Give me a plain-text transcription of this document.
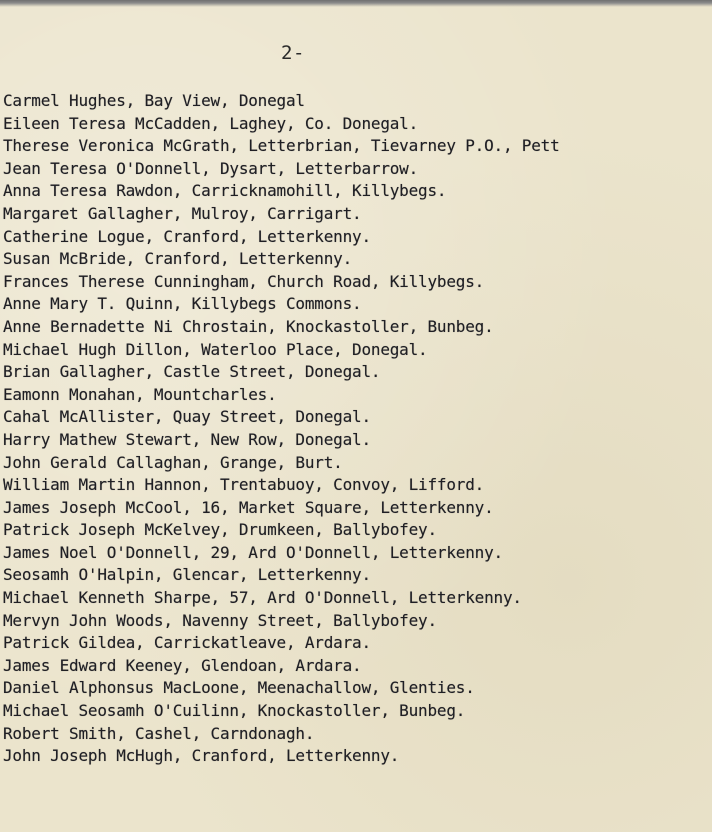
2-
Carmel Hughes, Bay View, Donegal
Eileen Teresa McCadden, Laghey, Co. Donegal.
Therese Veronica McGrath, Letterbrian, Tievarney P.O., Pett
Jean Teresa O'Donnell, Dysart, Letterbarrow.
Anna Teresa Rawdon, Carricknamohill, Killybegs.
Margaret Gallagher, Mulroy, Carrigart.
Catherine Logue, Cranford, Letterkenny.
Susan McBride, Cranford, Letterkenny.
Frances Therese Cunningham, Church Road, Killybegs.
Anne Mary T. Quinn, Killybegs Commons.
Anne Bernadette Ni Chrostain, Knockastoller, Bunbeg.
Michael Hugh Dillon, Waterloo Place, Donegal.
Brian Gallagher, Castle Street, Donegal.
Eamonn Monahan, Mountcharles.
Cahal McAllister, Quay Street, Donegal.
Harry Mathew Stewart, New Row, Donegal.
John Gerald Callaghan, Grange, Burt.
William Martin Hannon, Trentabuoy, Convoy, Lifford.
James Joseph McCool, 16, Market Square, Letterkenny.
Patrick Joseph McKelvey, Drumkeen, Ballybofey.
James Noel O'Donnell, 29, Ard O'Donnell, Letterkenny.
Seosamh O'Halpin, Glencar, Letterkenny.
Michael Kenneth Sharpe, 57, Ard O'Donnell, Letterkenny.
Mervyn John Woods, Navenny Street, Ballybofey.
Patrick Gildea, Carrickatleave, Ardara.
James Edward Keeney, Glendoan, Ardara.
Daniel Alphonsus MacLoone, Meenachallow, Glenties.
Michael Seosamh O'Cuilinn, Knockastoller, Bunbeg.
Robert Smith, Cashel, Carndonagh.
John Joseph McHugh, Cranford, Letterkenny.
